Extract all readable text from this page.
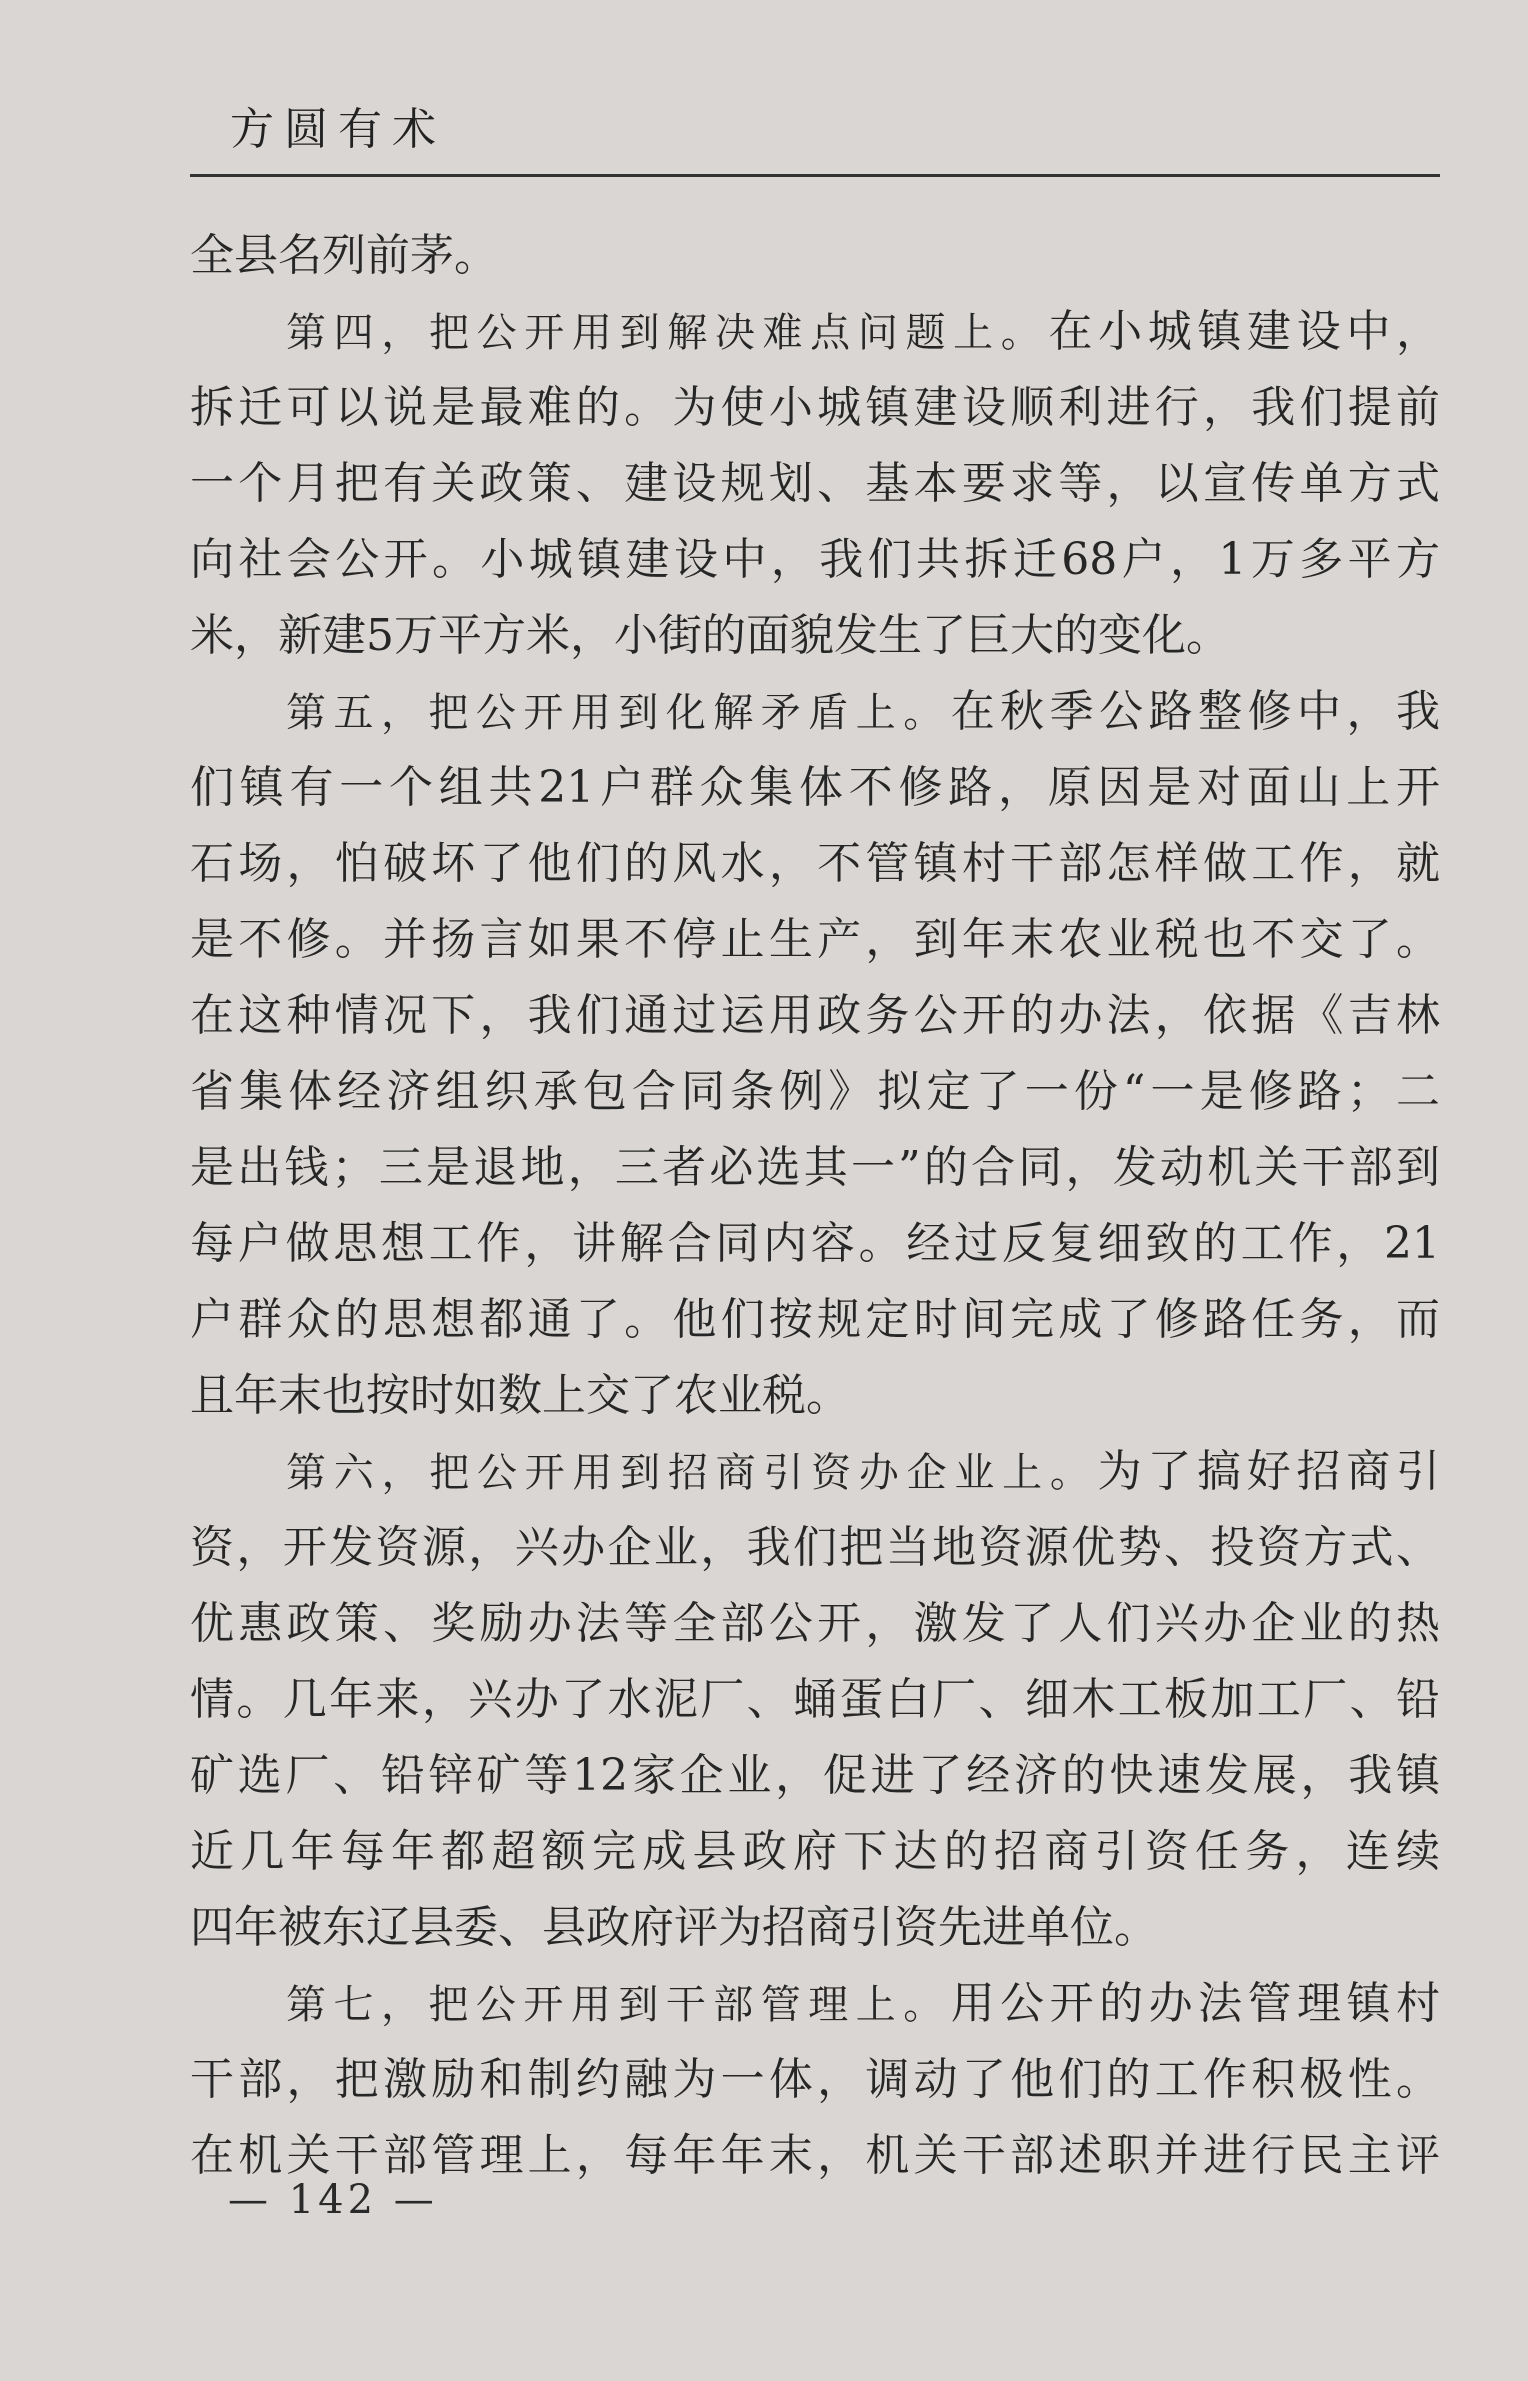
方圆有术
全县名列前茅。
第四，把公开用到解决难点问题上。在小城镇建设中，
拆迁可以说是最难的。为使小城镇建设顺利进行，我们提前
一个月把有关政策、建设规划、基本要求等，以宣传单方式
向社会公开。小城镇建设中，我们共拆迁68户，1万多平方
米，新建5万平方米，小街的面貌发生了巨大的变化。
第五，把公开用到化解矛盾上。在秋季公路整修中，我
们镇有一个组共21户群众集体不修路，原因是对面山上开
石场，怕破坏了他们的风水，不管镇村干部怎样做工作，就
是不修。并扬言如果不停止生产，到年末农业税也不交了。
在这种情况下，我们通过运用政务公开的办法，依据《吉林
省集体经济组织承包合同条例》拟定了一份“一是修路；二
是出钱；三是退地，三者必选其一”的合同，发动机关干部到
每户做思想工作，讲解合同内容。经过反复细致的工作，21
户群众的思想都通了。他们按规定时间完成了修路任务，而
且年末也按时如数上交了农业税。
第六，把公开用到招商引资办企业上。为了搞好招商引
资，开发资源，兴办企业，我们把当地资源优势、投资方式、
优惠政策、奖励办法等全部公开，激发了人们兴办企业的热
情。几年来，兴办了水泥厂、蛹蛋白厂、细木工板加工厂、铅
矿选厂、铅锌矿等12家企业，促进了经济的快速发展，我镇
近几年每年都超额完成县政府下达的招商引资任务，连续
四年被东辽县委、县政府评为招商引资先进单位。
第七，把公开用到干部管理上。用公开的办法管理镇村
干部，把激励和制约融为一体，调动了他们的工作积极性。
在机关干部管理上，每年年末，机关干部述职并进行民主评
— 142 —
